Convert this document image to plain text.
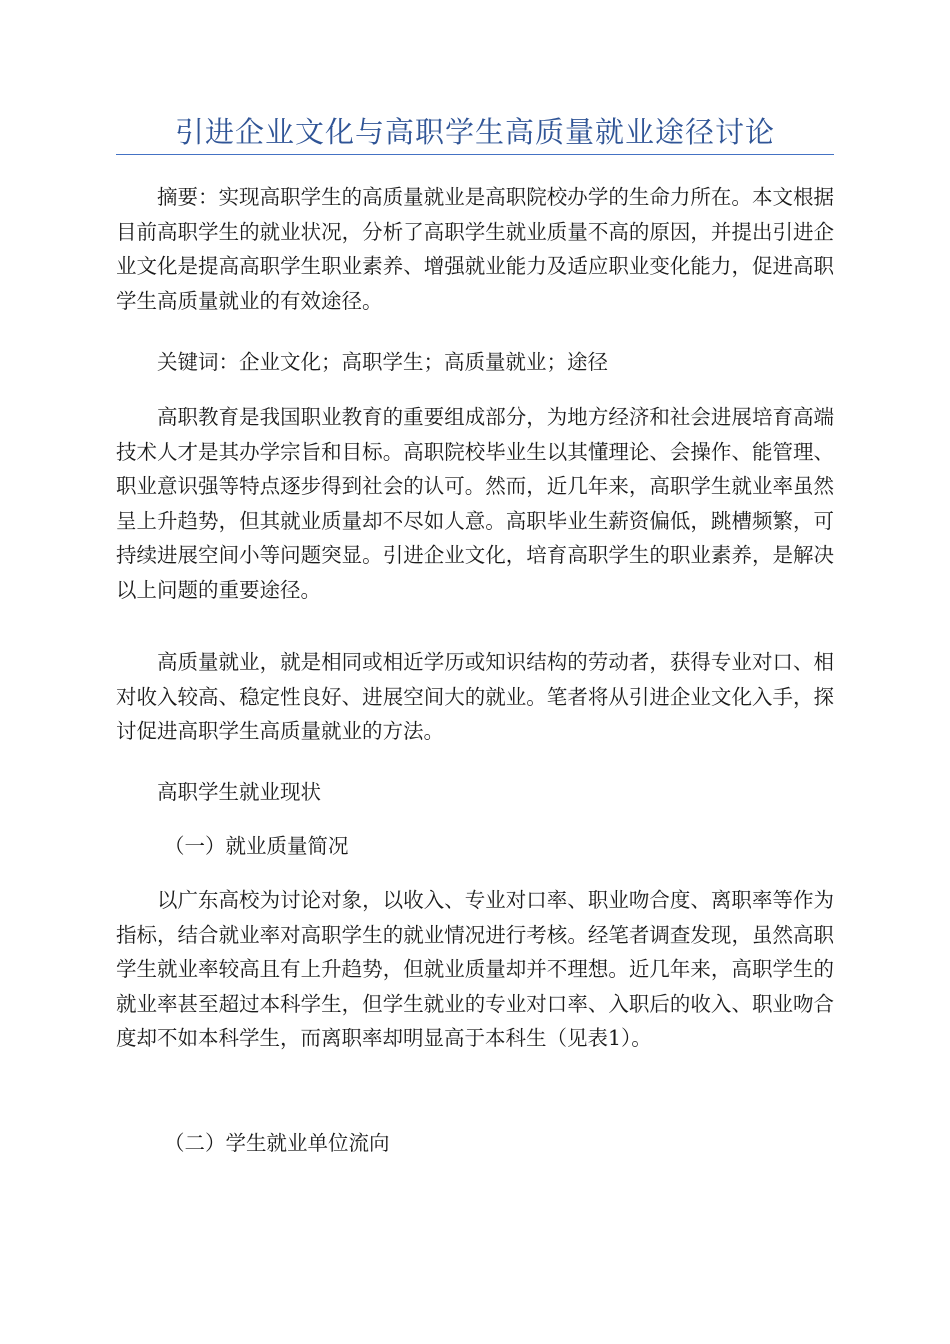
引进企业文化与高职学生高质量就业途径讨论

摘要：实现高职学生的高质量就业是高职院校办学的生命力所在。本文根据目前高职学生的就业状况，分析了高职学生就业质量不高的原因，并提出引进企业文化是提高高职学生职业素养、增强就业能力及适应职业变化能力，促进高职学生高质量就业的有效途径。

关键词：企业文化；高职学生；高质量就业；途径

高职教育是我国职业教育的重要组成部分，为地方经济和社会进展培育高端技术人才是其办学宗旨和目标。高职院校毕业生以其懂理论、会操作、能管理、职业意识强等特点逐步得到社会的认可。然而，近几年来，高职学生就业率虽然呈上升趋势，但其就业质量却不尽如人意。高职毕业生薪资偏低，跳槽频繁，可持续进展空间小等问题突显。引进企业文化，培育高职学生的职业素养，是解决以上问题的重要途径。

高质量就业，就是相同或相近学历或知识结构的劳动者，获得专业对口、相对收入较高、稳定性良好、进展空间大的就业。笔者将从引进企业文化入手，探讨促进高职学生高质量就业的方法。

高职学生就业现状

（一）就业质量简况

以广东高校为讨论对象，以收入、专业对口率、职业吻合度、离职率等作为指标，结合就业率对高职学生的就业情况进行考核。经笔者调查发现，虽然高职学生就业率较高且有上升趋势，但就业质量却并不理想。近几年来，高职学生的就业率甚至超过本科学生，但学生就业的专业对口率、入职后的收入、职业吻合度却不如本科学生，而离职率却明显高于本科生（见表1）。

（二）学生就业单位流向
